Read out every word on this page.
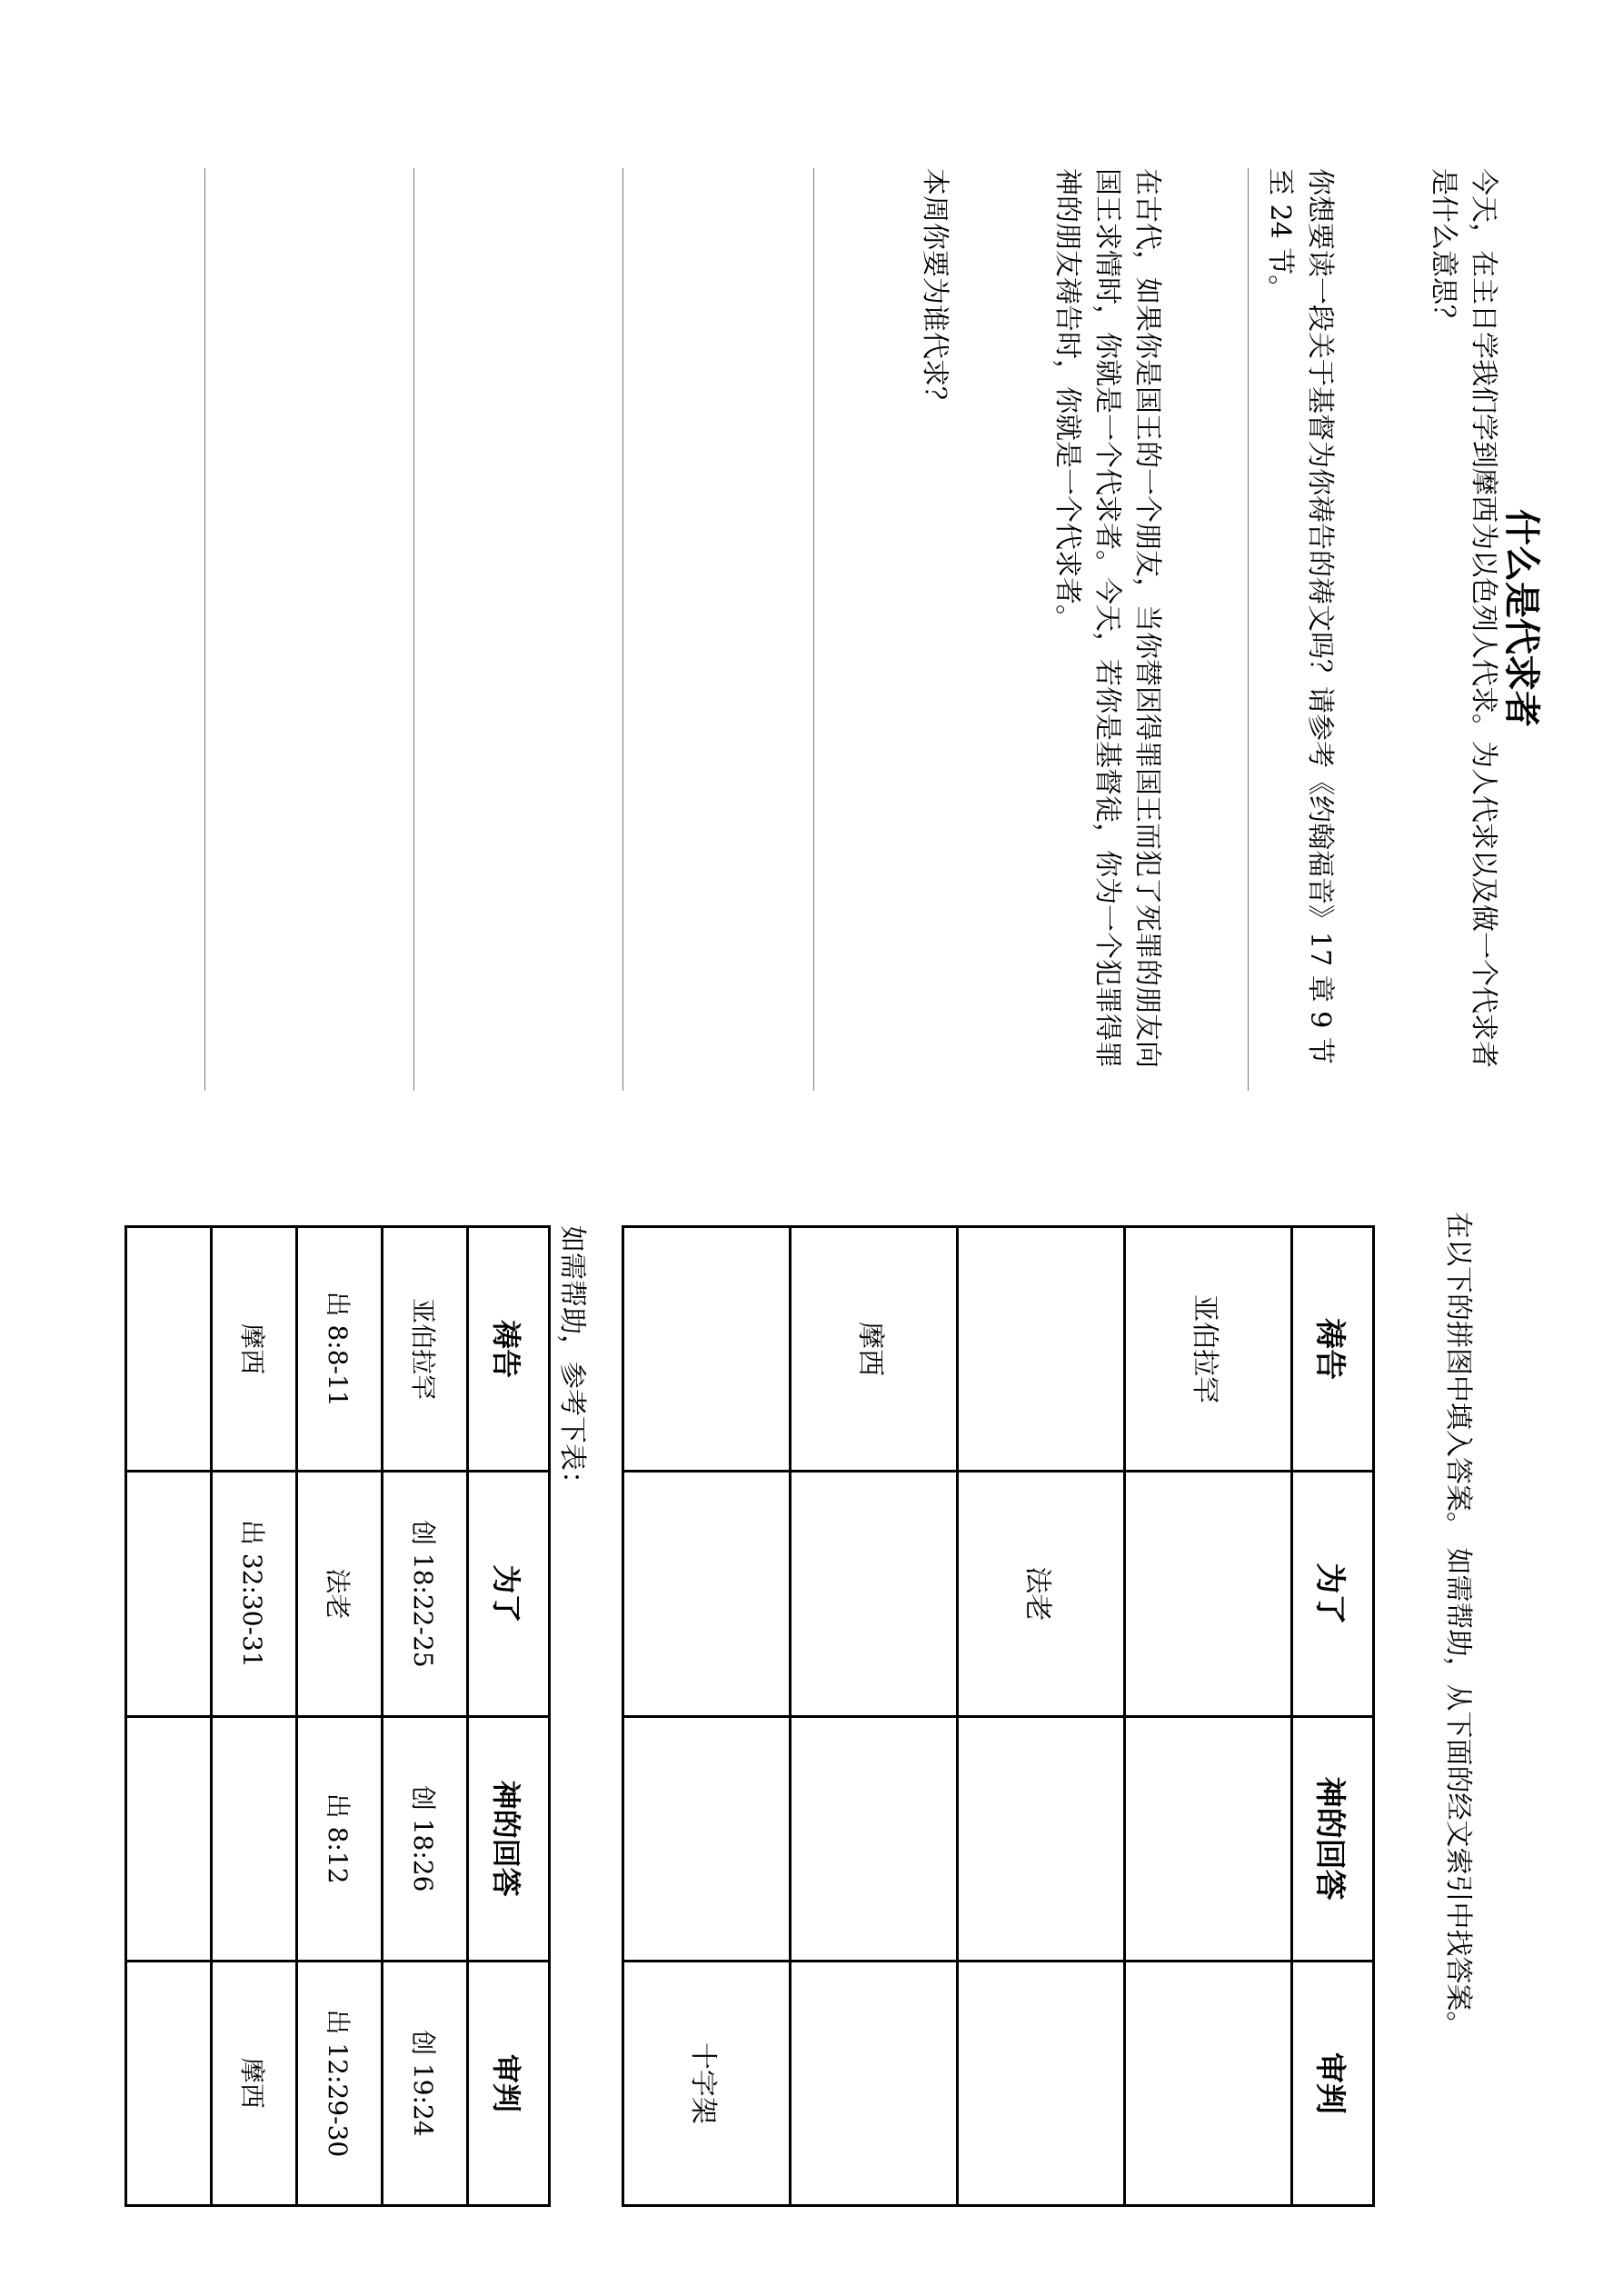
什么是代求者
今天，在主日学我们学到摩西为以色列人代求。为人代求以及做一个代求者是什么意思？
你想要读一段关于基督为你祷告的祷文吗？请参考《约翰福音》17 章 9 节至 24 节。
在古代，如果你是国王的一个朋友，当你替因得罪国王而犯了死罪的朋友向国王求情时，你就是一个代求者。今天，若你是基督徒，你为一个犯罪得罪神的朋友祷告时，你就是一个代求者。
本周你要为谁代求？
在以下的拼图中填入答案。 如需帮助，从下面的经文索引中找答案。
祷告	为了	神的回答	审判
亚伯拉罕			
	法老		
摩西			
			十字架
如需帮助，参考下表：
祷告	为了	神的回答	审判
亚伯拉罕	创 18:22-25	创 18:26	创 19:24
出 8:8-11	法老	出 8:12	出 12:29-30
摩西	出 32:30-31		摩西
